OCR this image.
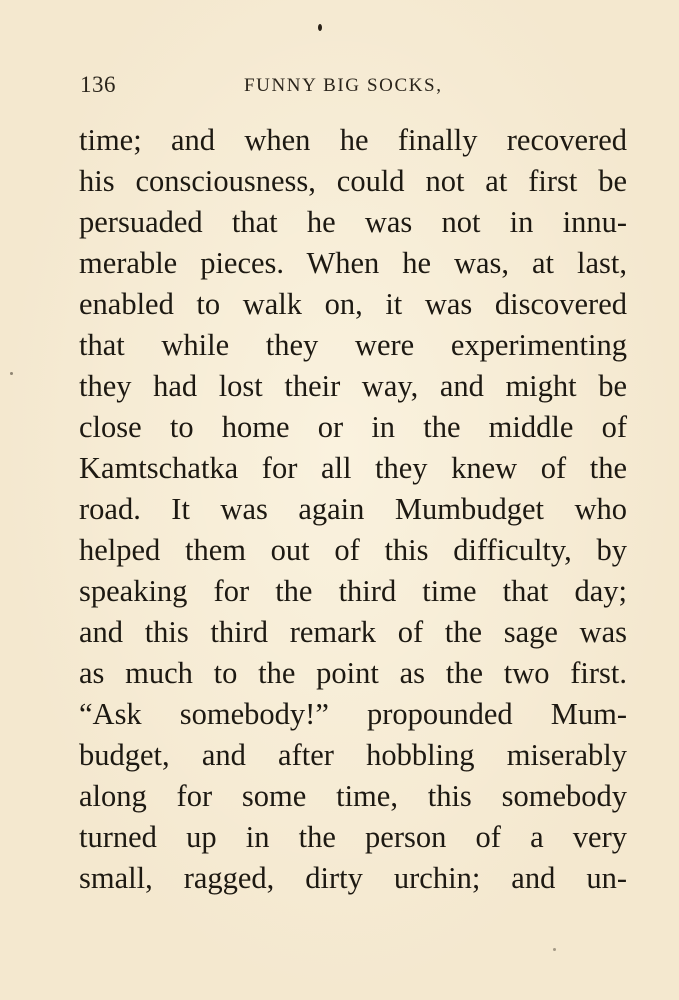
136	FUNNY BIG SOCKS,
time; and when he finally recovered
his consciousness, could not at first be
persuaded that he was not in innu-
merable pieces. When he was, at last,
enabled to walk on, it was discovered
that while they were experimenting
they had lost their way, and might be
close to home or in the middle of
Kamtschatka for all they knew of the
road. It was again Mumbudget who
helped them out of this difficulty, by
speaking for the third time that day;
and this third remark of the sage was
as much to the point as the two first.
“Ask somebody!” propounded Mum-
budget, and after hobbling miserably
along for some time, this somebody
turned up in the person of a very
small, ragged, dirty urchin; and un-
